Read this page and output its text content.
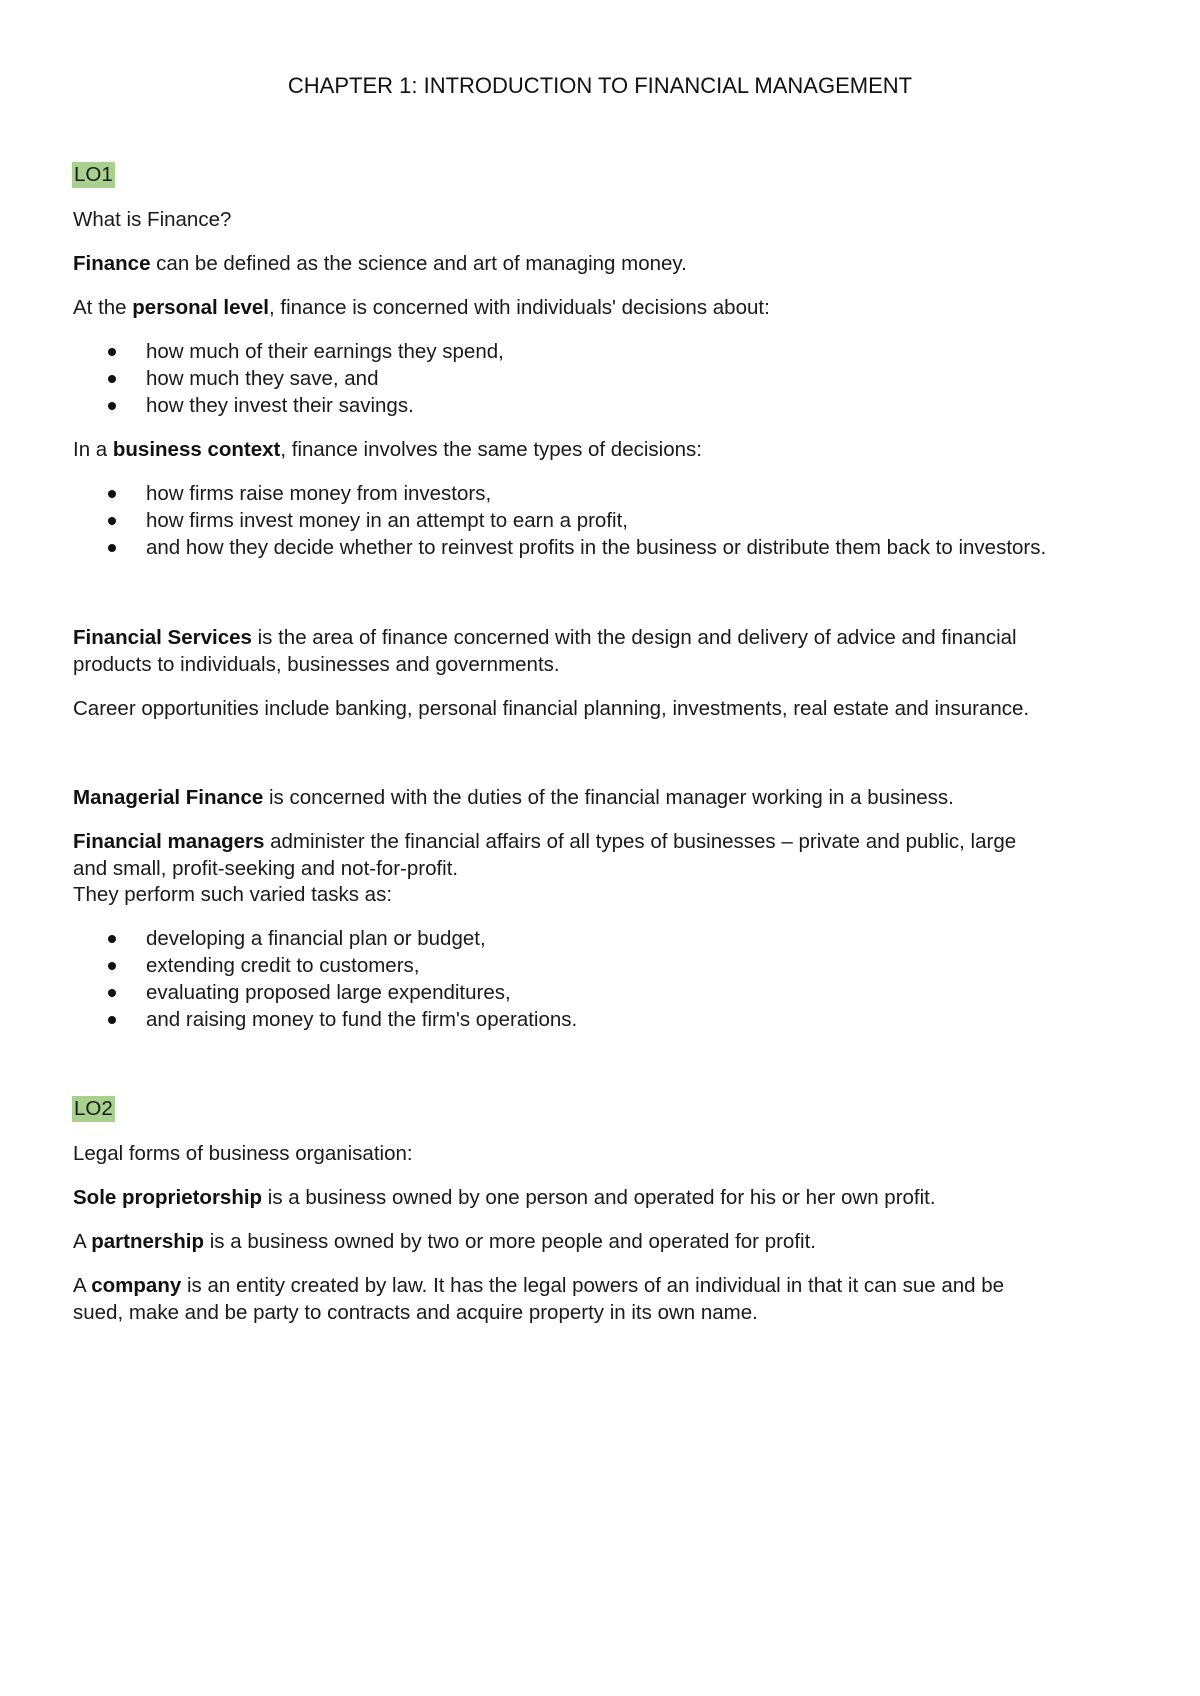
CHAPTER 1: INTRODUCTION TO FINANCIAL MANAGEMENT
LO1
What is Finance?
Finance can be defined as the science and art of managing money.
At the personal level, finance is concerned with individuals' decisions about:
how much of their earnings they spend,
how much they save, and
how they invest their savings.
In a business context, finance involves the same types of decisions:
how firms raise money from investors,
how firms invest money in an attempt to earn a profit,
and how they decide whether to reinvest profits in the business or distribute them back to investors.
Financial Services is the area of finance concerned with the design and delivery of advice and financial
products to individuals, businesses and governments.
Career opportunities include banking, personal financial planning, investments, real estate and insurance.
Managerial Finance is concerned with the duties of the financial manager working in a business.
Financial managers administer the financial affairs of all types of businesses – private and public, large
and small, profit-seeking and not-for-profit.
They perform such varied tasks as:
developing a financial plan or budget,
extending credit to customers,
evaluating proposed large expenditures,
and raising money to fund the firm's operations.
LO2
Legal forms of business organisation:
Sole proprietorship is a business owned by one person and operated for his or her own profit.
A partnership is a business owned by two or more people and operated for profit.
A company is an entity created by law. It has the legal powers of an individual in that it can sue and be
sued, make and be party to contracts and acquire property in its own name.
